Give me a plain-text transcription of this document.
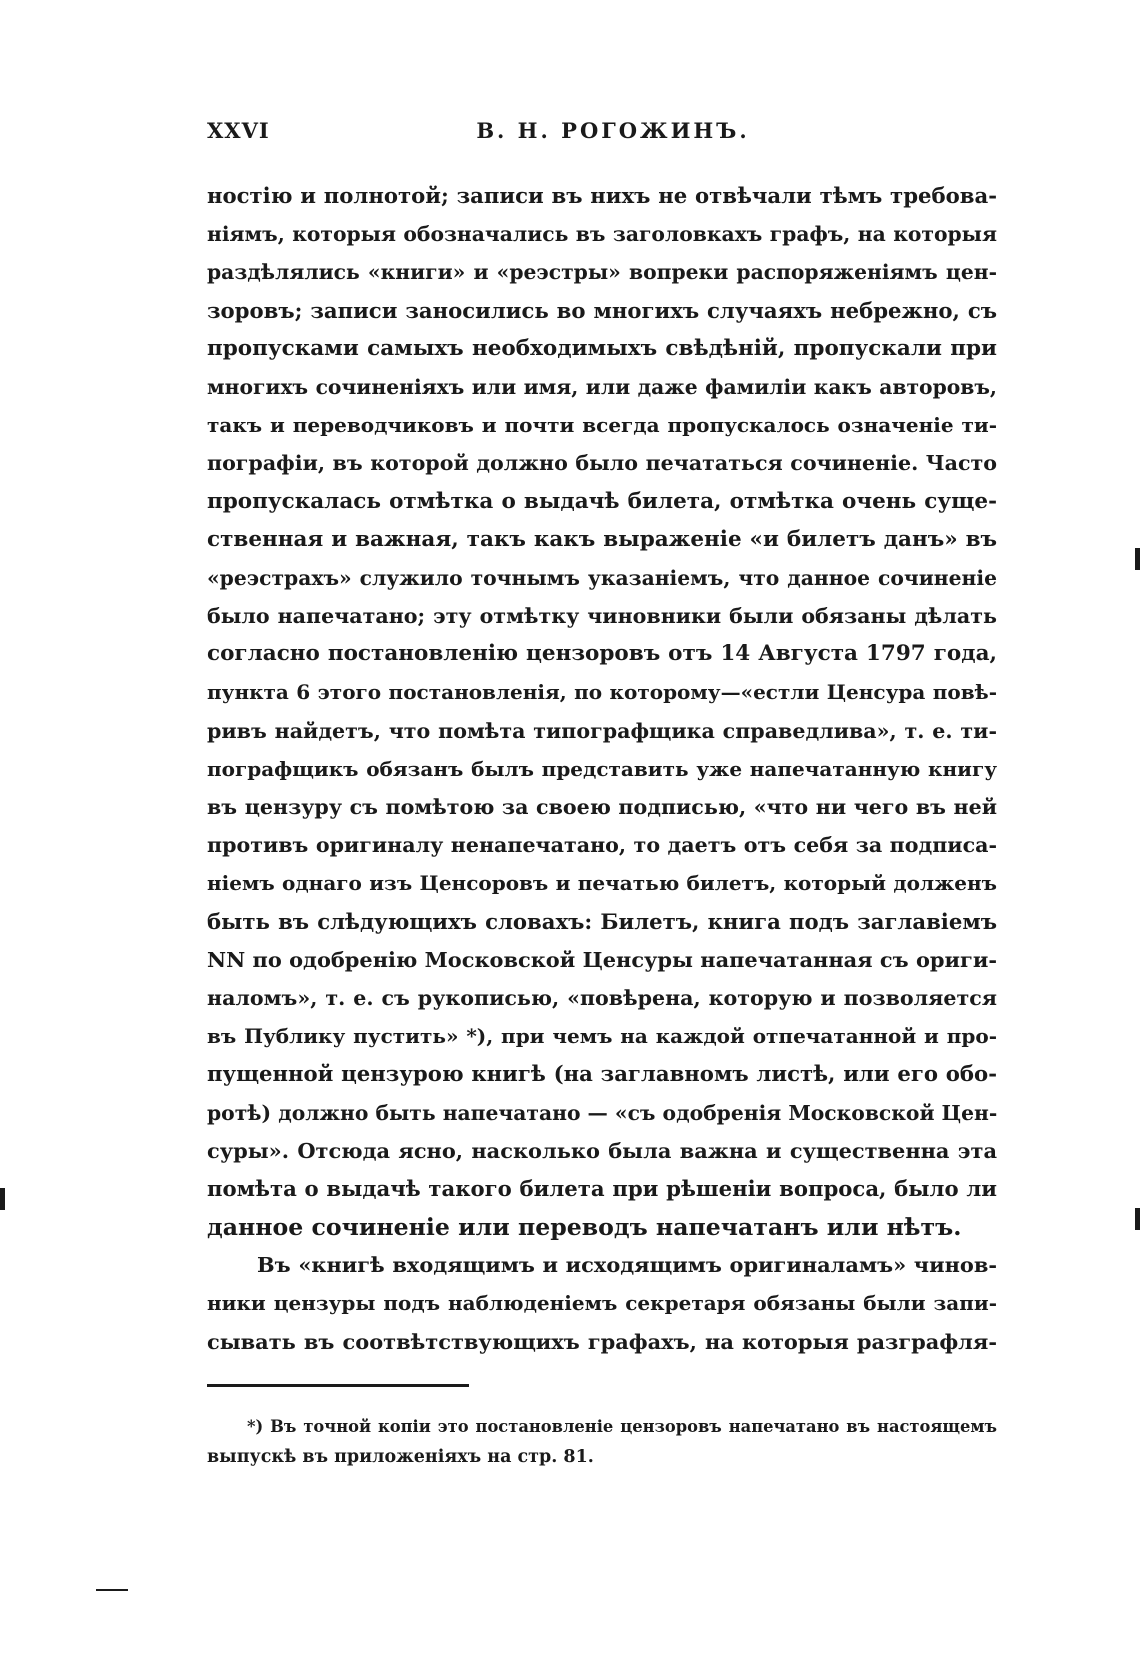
XXVI	В. Н. РОГОЖИНЪ.
ностію и полнотой; записи въ нихъ не отвѣчали тѣмъ требова-
ніямъ, которыя обозначались въ заголовкахъ графъ, на которыя
раздѣлялись «книги» и «реэстры» вопреки распоряженіямъ цен-
зоровъ; записи заносились во многихъ случаяхъ небрежно, съ
пропусками самыхъ необходимыхъ свѣдѣній, пропускали при
многихъ сочиненіяхъ или имя, или даже фамиліи какъ авторовъ,
такъ и переводчиковъ и почти всегда пропускалось означеніе ти-
пографіи, въ которой должно было печататься сочиненіе. Часто
пропускалась отмѣтка о выдачѣ билета, отмѣтка очень суще-
ственная и важная, такъ какъ выраженіе «и билетъ данъ» въ
«реэстрахъ» служило точнымъ указаніемъ, что данное сочиненіе
было напечатано; эту отмѣтку чиновники были обязаны дѣлать
согласно постановленію цензоровъ отъ 14 Августа 1797 года,
пункта 6 этого постановленія, по которому—«естли Ценсура повѣ-
ривъ найдетъ, что помѣта типографщика справедлива», т. е. ти-
пографщикъ обязанъ былъ представить уже напечатанную книгу
въ цензуру съ помѣтою за своею подписью, «что ни чего въ ней
противъ оригиналу ненапечатано, то даетъ отъ себя за подписа-
ніемъ однаго изъ Ценсоровъ и печатью билетъ, который долженъ
быть въ слѣдующихъ словахъ: Билетъ, книга подъ заглавіемъ
NN по одобренію Московской Ценсуры напечатанная съ ориги-
наломъ», т. е. съ рукописью, «повѣрена, которую и позволяется
въ Публику пустить» *), при чемъ на каждой отпечатанной и про-
пущенной цензурою книгѣ (на заглавномъ листѣ, или его обо-
ротѣ) должно быть напечатано — «съ одобренія Московской Цен-
суры». Отсюда ясно, насколько была важна и существенна эта
помѣта о выдачѣ такого билета при рѣшеніи вопроса, было ли
данное сочиненіе или переводъ напечатанъ или нѣтъ.
Въ «книгѣ входящимъ и исходящимъ оригиналамъ» чинов-
ники цензуры подъ наблюденіемъ секретаря обязаны были запи-
сывать въ соотвѣтствующихъ графахъ, на которыя разграфля-
*) Въ точной копіи это постановленіе цензоровъ напечатано въ настоящемъ
выпускѣ въ приложеніяхъ на стр. 81.
